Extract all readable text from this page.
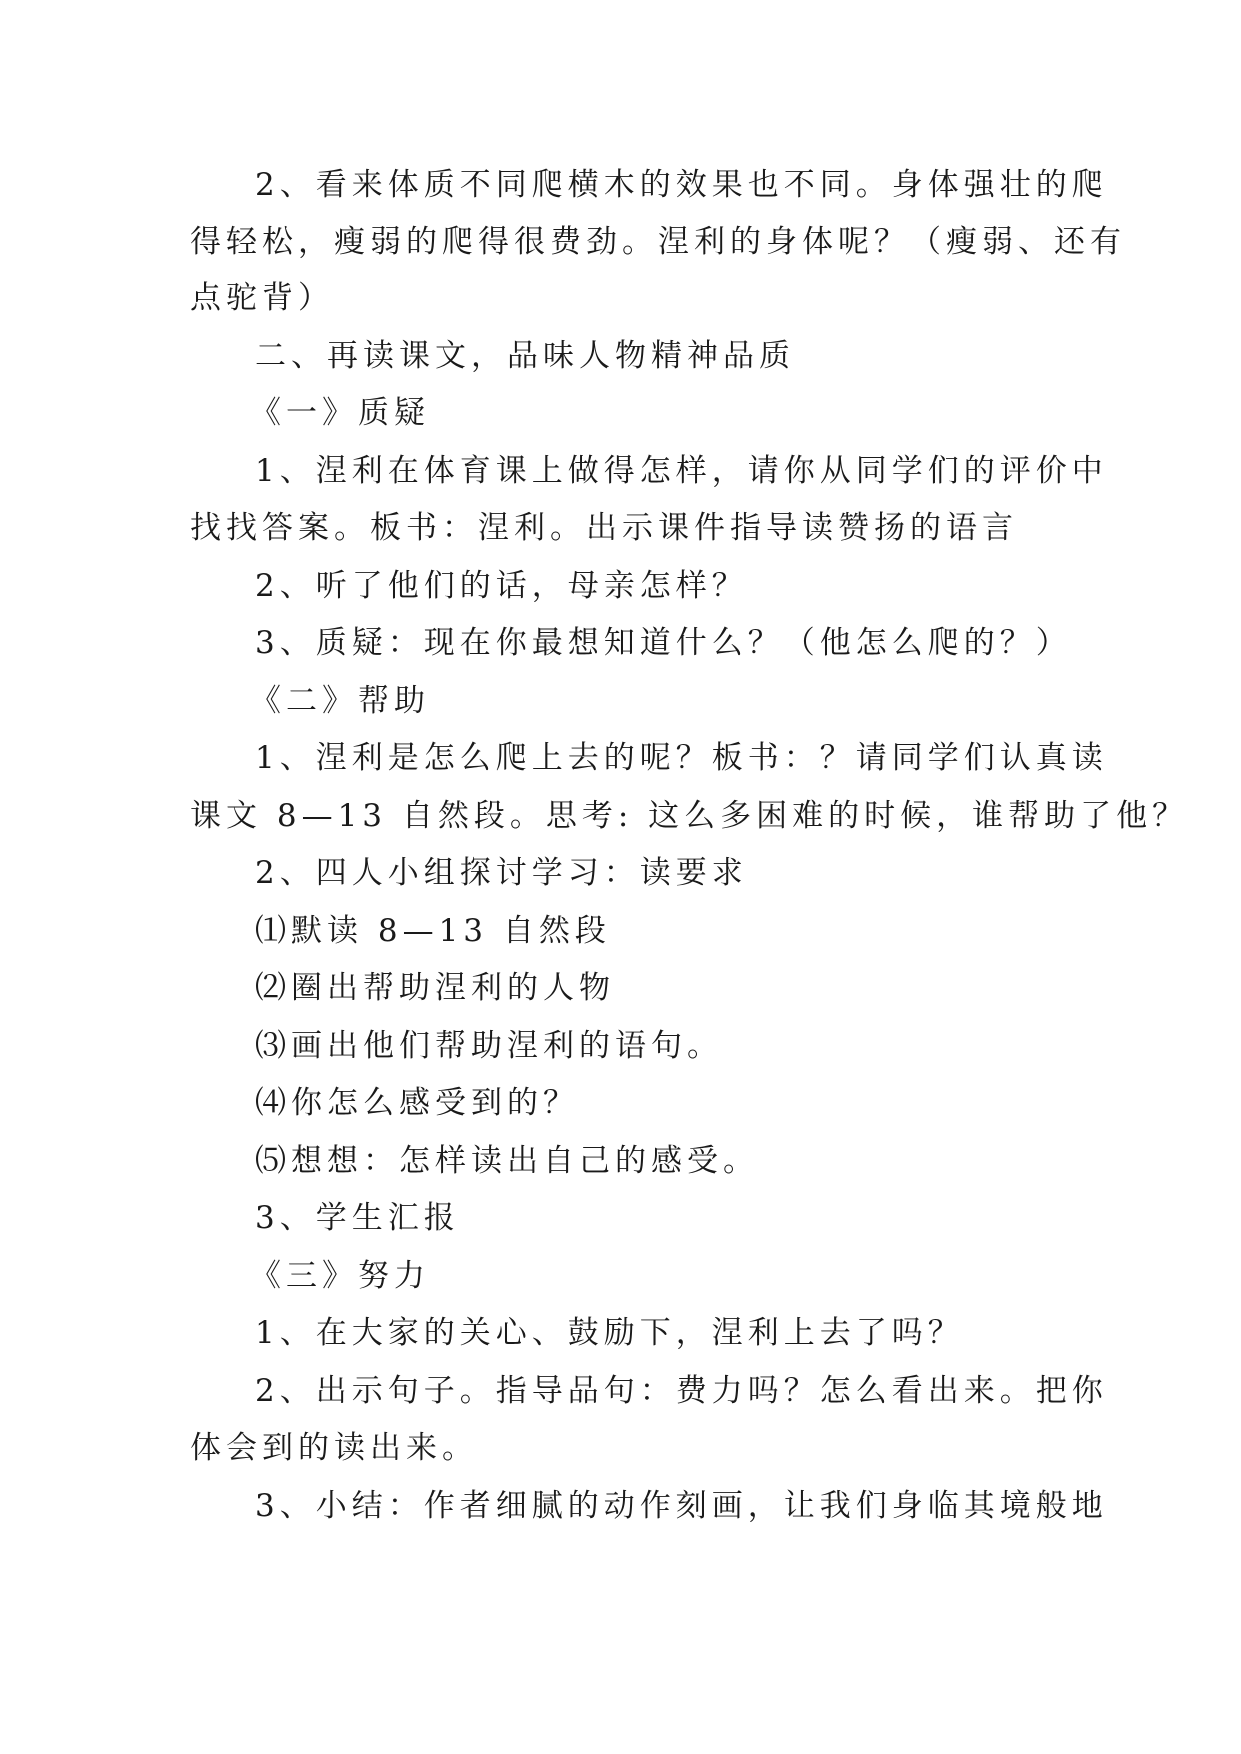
2、看来体质不同爬横木的效果也不同。身体强壮的爬
得轻松，瘦弱的爬得很费劲。涅利的身体呢？（瘦弱、还有
点驼背）
二、再读课文，品味人物精神品质
《一》质疑
1、涅利在体育课上做得怎样，请你从同学们的评价中
找找答案。板书：涅利。出示课件指导读赞扬的语言
2、听了他们的话，母亲怎样？
3、质疑：现在你最想知道什么？（他怎么爬的？）
《二》帮助
1、涅利是怎么爬上去的呢？板书：？请同学们认真读
课文 8—13 自然段。思考: 这么多困难的时候，谁帮助了他？
2、四人小组探讨学习：读要求
⑴默读 8—13 自然段
⑵圈出帮助涅利的人物
⑶画出他们帮助涅利的语句。
⑷你怎么感受到的？
⑸想想：怎样读出自己的感受。
3、学生汇报
《三》努力
1、在大家的关心、鼓励下，涅利上去了吗？
2、出示句子。指导品句：费力吗？怎么看出来。把你
体会到的读出来。
3、小结：作者细腻的动作刻画，让我们身临其境般地
